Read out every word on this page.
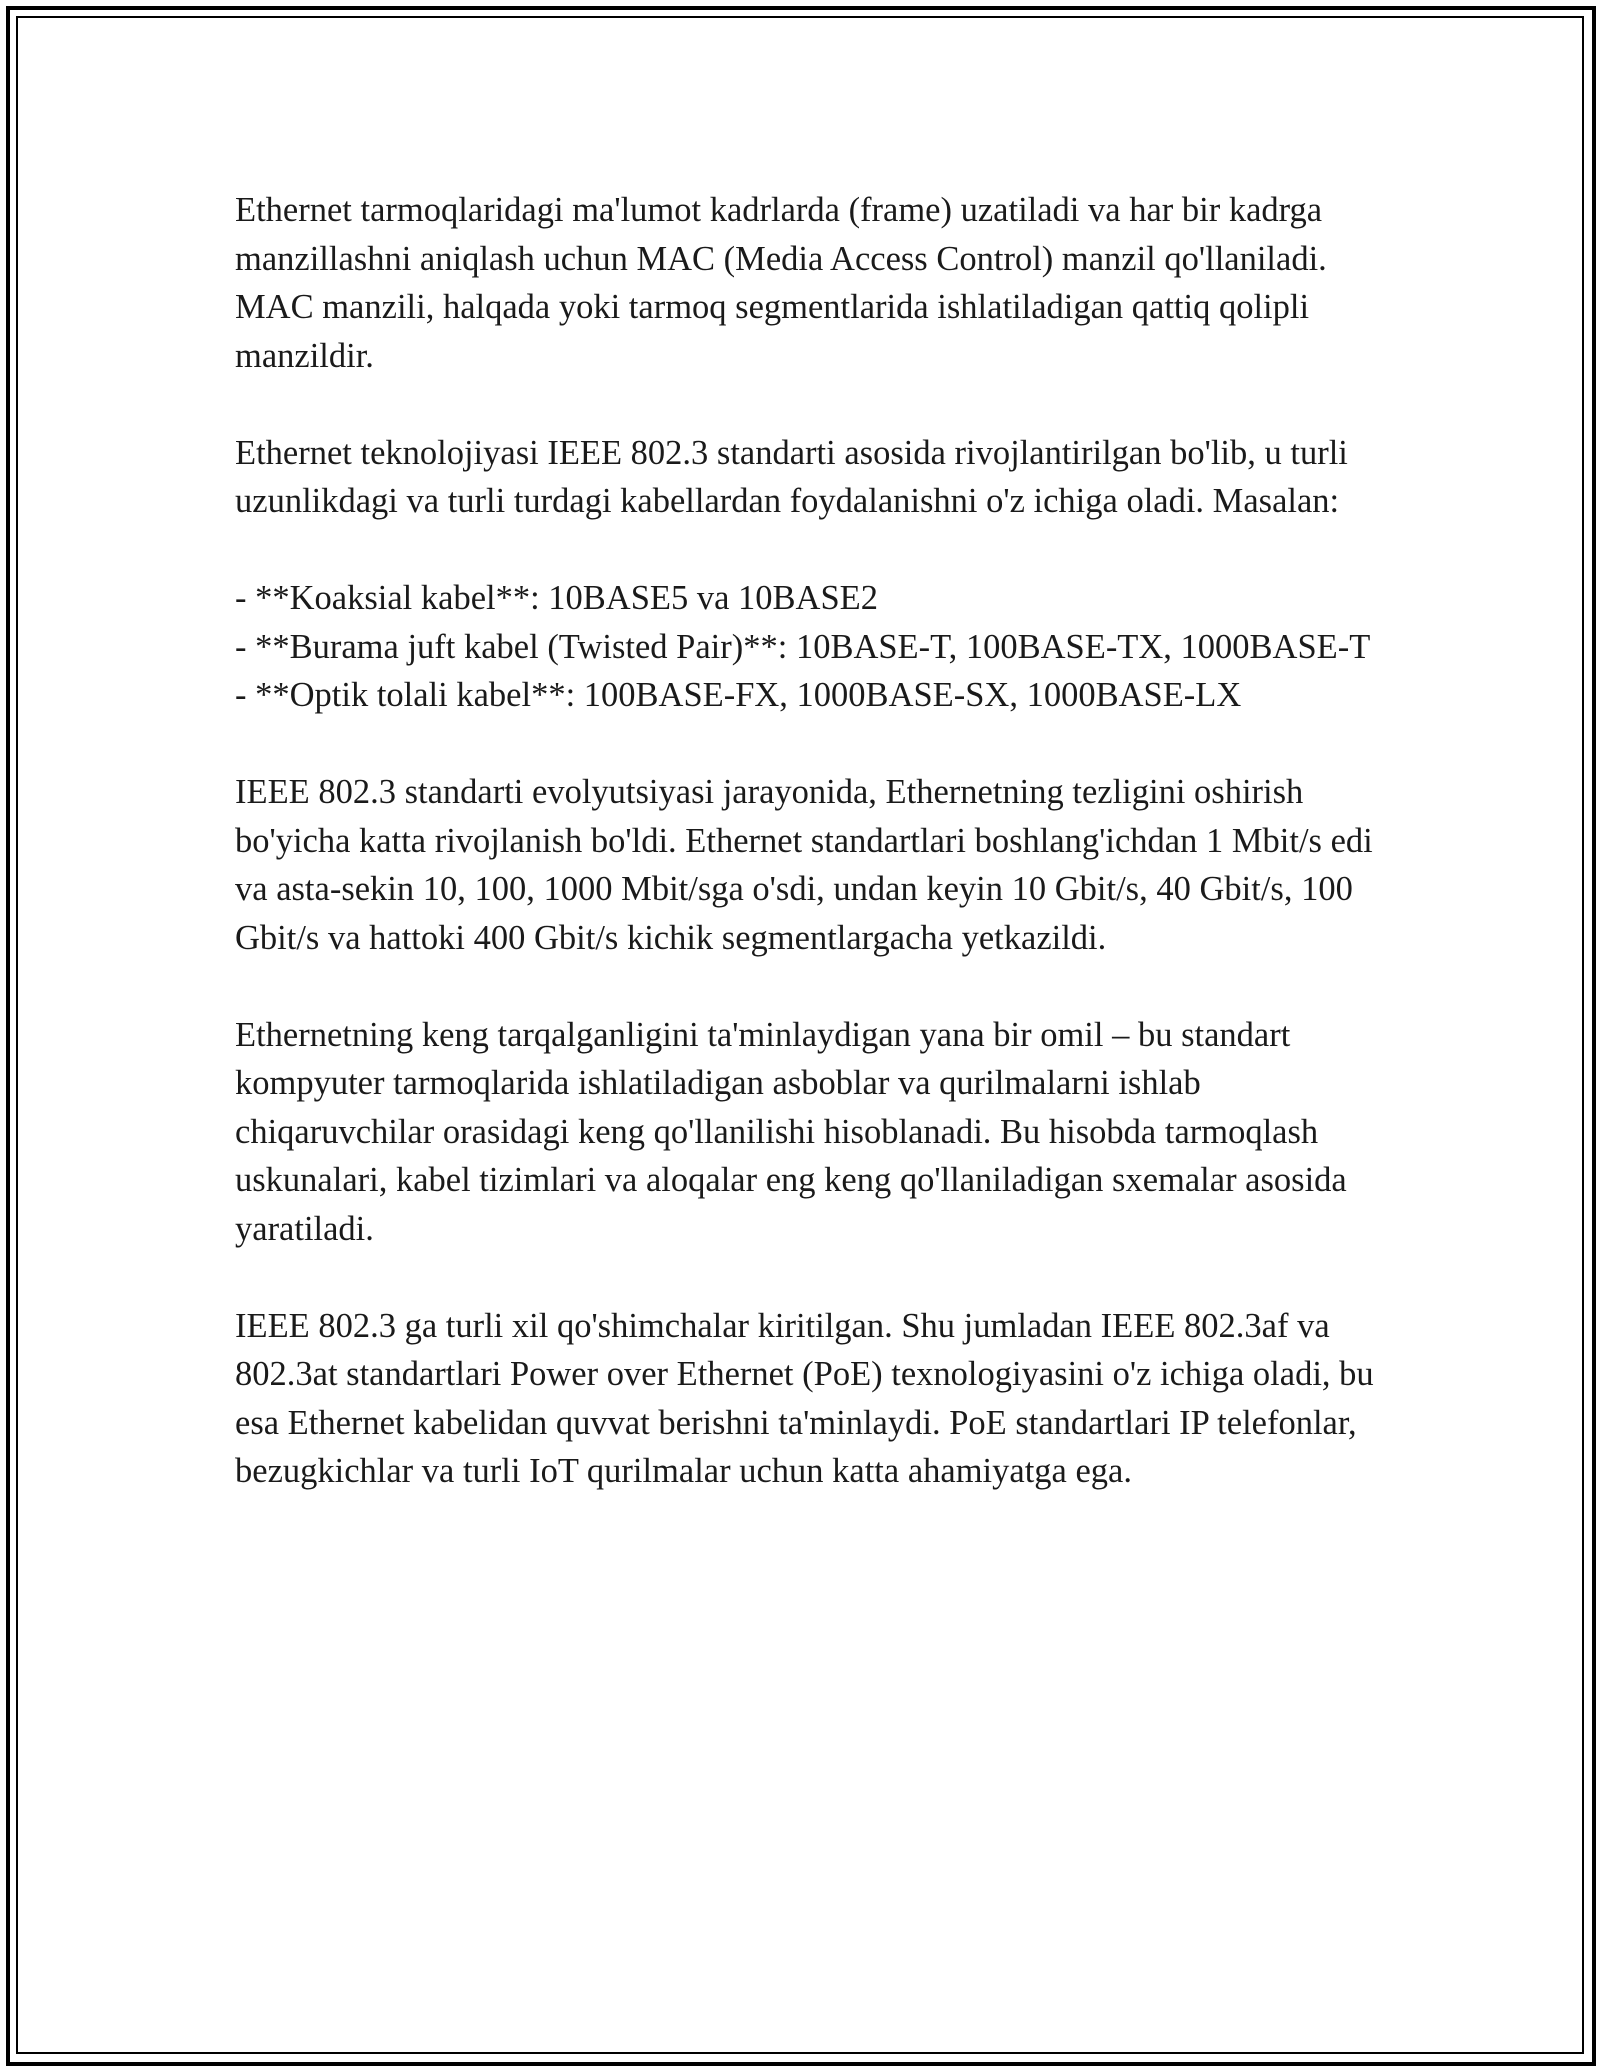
Ethernet tarmoqlaridagi ma'lumot kadrlarda (frame) uzatiladi va har bir kadrga manzillashni aniqlash uchun MAC (Media Access Control) manzil qo'llaniladi. MAC manzili, halqada yoki tarmoq segmentlarida ishlatiladigan qattiq qolipli manzildir.

Ethernet teknolojiyasi IEEE 802.3 standarti asosida rivojlantirilgan bo'lib, u turli uzunlikdagi va turli turdagi kabellardan foydalanishni o'z ichiga oladi. Masalan:

- **Koaksial kabel**: 10BASE5 va 10BASE2
- **Burama juft kabel (Twisted Pair)**: 10BASE-T, 100BASE-TX, 1000BASE-T
- **Optik tolali kabel**: 100BASE-FX, 1000BASE-SX, 1000BASE-LX

IEEE 802.3 standarti evolyutsiyasi jarayonida, Ethernetning tezligini oshirish bo'yicha katta rivojlanish bo'ldi. Ethernet standartlari boshlang'ichdan 1 Mbit/s edi va asta-sekin 10, 100, 1000 Mbit/sga o'sdi, undan keyin 10 Gbit/s, 40 Gbit/s, 100 Gbit/s va hattoki 400 Gbit/s kichik segmentlargacha yetkazildi.

Ethernetning keng tarqalganligini ta'minlaydigan yana bir omil – bu standart kompyuter tarmoqlarida ishlatiladigan asboblar va qurilmalarni ishlab chiqaruvchilar orasidagi keng qo'llanilishi hisoblanadi. Bu hisobda tarmoqlash uskunalari, kabel tizimlari va aloqalar eng keng qo'llaniladigan sxemalar asosida yaratiladi.

IEEE 802.3 ga turli xil qo'shimchalar kiritilgan. Shu jumladan IEEE 802.3af va 802.3at standartlari Power over Ethernet (PoE) texnologiyasini o'z ichiga oladi, bu esa Ethernet kabelidan quvvat berishni ta'minlaydi. PoE standartlari IP telefonlar, bezugkichlar va turli IoT qurilmalar uchun katta ahamiyatga ega.
